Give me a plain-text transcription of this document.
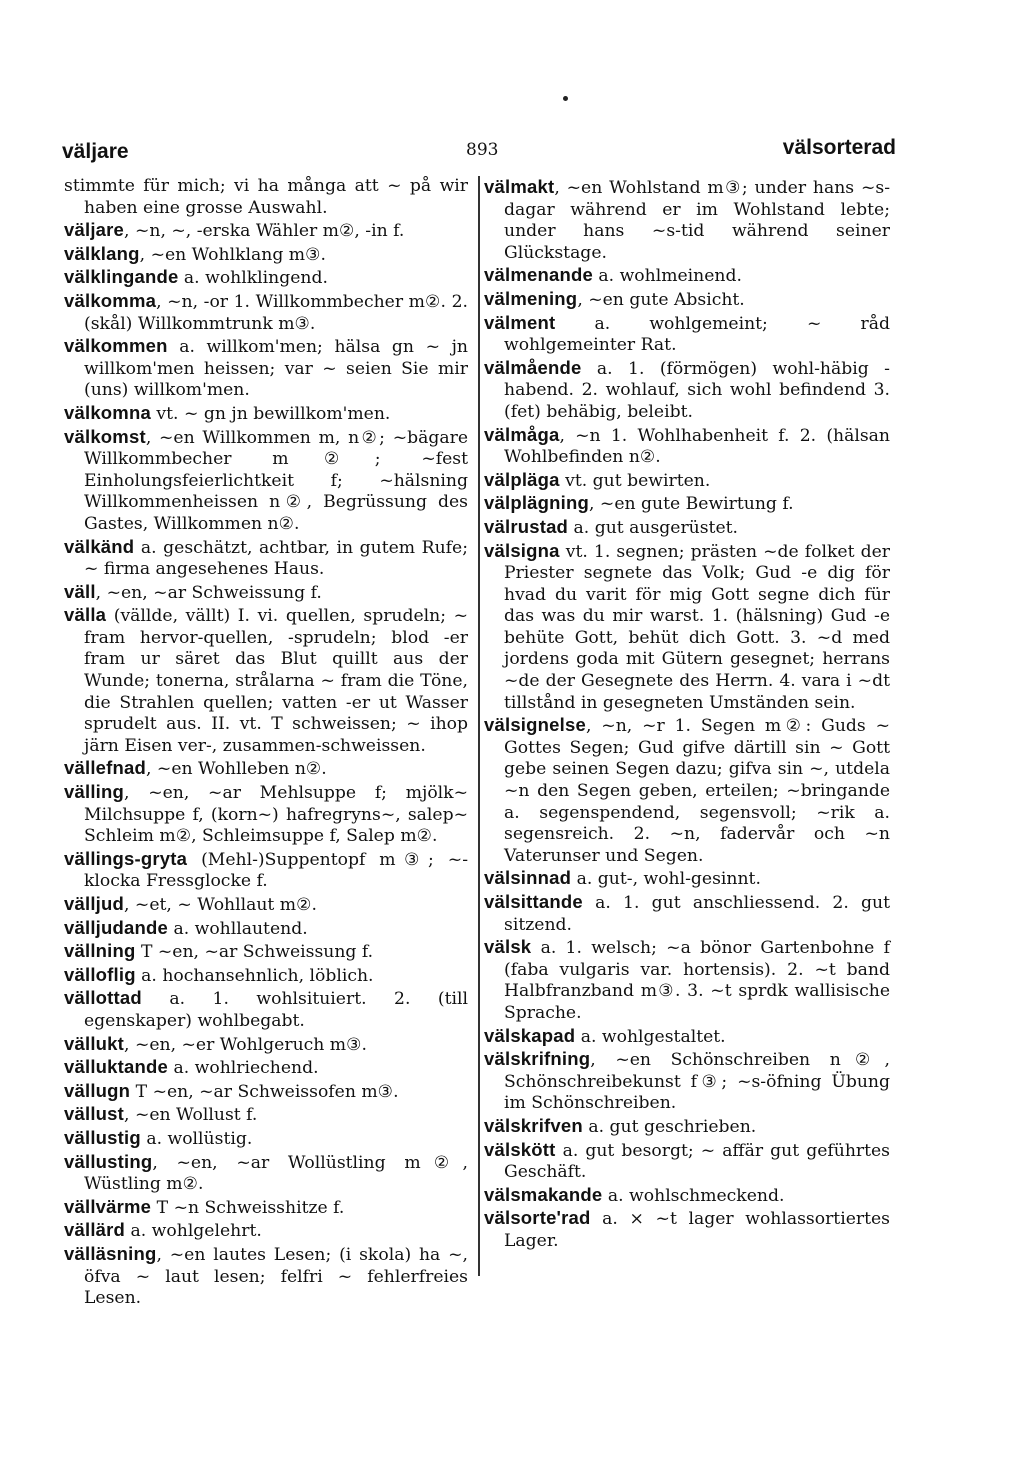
väljare	893	välsorterad

stimmte für mich; vi ha många att ~ på wir haben eine grosse Auswahl.

väljare, ~n, ~, -erska Wähler m②, -in f.

välklang, ~en Wohlklang m③.

välklingande a. wohlklingend.

välkomma, ~n, -or 1. Willkommbecher m②. 2. (skål) Willkommtrunk m③.

välkommen a. willkom'men; hälsa gn ~ jn willkom'men heissen; var ~ seien Sie mir (uns) willkom'men.

välkomna vt. ~ gn jn bewillkom'men.

välkomst, ~en Willkommen m, n②; ~bägare Willkommbecher m②; ~fest Einholungsfeierlichtkeit f; ~hälsning Willkommenheissen n②, Begrüssung des Gastes, Willkommen n②.

välkänd a. geschätzt, achtbar, in gutem Rufe; ~ firma angesehenes Haus.

väll, ~en, ~ar Schweissung f.

välla (vällde, vällt) I. vi. quellen, sprudeln; ~ fram hervor-quellen, -sprudeln; blod -er fram ur säret das Blut quillt aus der Wunde; tonerna, strålarna ~ fram die Töne, die Strahlen quellen; vatten -er ut Wasser sprudelt aus. II. vt. T schweissen; ~ ihop järn Eisen ver-, zusammen-schweissen.

vällefnad, ~en Wohlleben n②.

välling, ~en, ~ar Mehlsuppe f; mjölk~ Milchsuppe f, (korn~) hafregryns~, salep~ Schleim m②, Schleimsuppe f, Salep m②.

vällings-gryta (Mehl-)Suppentopf m③; ~-klocka Fressglocke f.

välljud, ~et, ~ Wohllaut m②.

välljudande a. wohllautend.

vällning T ~en, ~ar Schweissung f.

välloflig a. hochansehnlich, löblich.

vällottad a. 1. wohlsituiert. 2. (till egenskaper) wohlbegabt.

vällukt, ~en, ~er Wohlgeruch m③.

välluktande a. wohlriechend.

vällugn T ~en, ~ar Schweissofen m③.

vällust, ~en Wollust f.

vällustig a. wollüstig.

vällusting, ~en, ~ar Wollüstling m②, Wüstling m②.

vällvärme T ~n Schweisshitze f.

vällärd a. wohlgelehrt.

välläsning, ~en lautes Lesen; (i skola) ha ~, öfva ~ laut lesen; felfri ~ fehlerfreies Lesen.

välmakt, ~en Wohlstand m③; under hans ~s-dagar während er im Wohlstand lebte; under hans ~s-tid während seiner Glückstage.

välmenande a. wohlmeinend.

välmening, ~en gute Absicht.

välment a. wohlgemeint; ~ råd wohlgemeinter Rat.

välmående a. 1. (förmögen) wohl-häbig -habend. 2. wohlauf, sich wohl befindend 3. (fet) behäbig, beleibt.

välmåga, ~n 1. Wohlhabenheit f. 2. (hälsan Wohlbefinden n②.

välpläga vt. gut bewirten.

välplägning, ~en gute Bewirtung f.

välrustad a. gut ausgerüstet.

välsigna vt. 1. segnen; prästen ~de folket der Priester segnete das Volk; Gud -e dig för hvad du varit för mig Gott segne dich für das was du mir warst. 1. (hälsning) Gud -e behüte Gott, behüt dich Gott. 3. ~d med jordens goda mit Gütern gesegnet; herrans ~de der Gesegnete des Herrn. 4. vara i ~dt tillstånd in gesegneten Umständen sein.

välsignelse, ~n, ~r 1. Segen m②: Guds ~ Gottes Segen; Gud gifve därtill sin ~ Gott gebe seinen Segen dazu; gifva sin ~, utdela ~n den Segen geben, erteilen; ~bringande a. segenspendend, segensvoll; ~rik a. segensreich. 2. ~n, fadervår och ~n Vaterunser und Segen.

välsinnad a. gut-, wohl-gesinnt.

välsittande a. 1. gut anschliessend. 2. gut sitzend.

välsk a. 1. welsch; ~a bönor Gartenbohne f (faba vulgaris var. hortensis). 2. ~t band Halbfranzband m③. 3. ~t sprdk wallisische Sprache.

välskapad a. wohlgestaltet.

välskrifning, ~en Schönschreiben n②, Schönschreibekunst f③; ~s-öfning Übung im Schönschreiben.

välskrifven a. gut geschrieben.

välskött a. gut besorgt; ~ affär gut geführtes Geschäft.

välsmakande a. wohlschmeckend.

välsorte'rad a. × ~t lager wohlassortiertes Lager.
